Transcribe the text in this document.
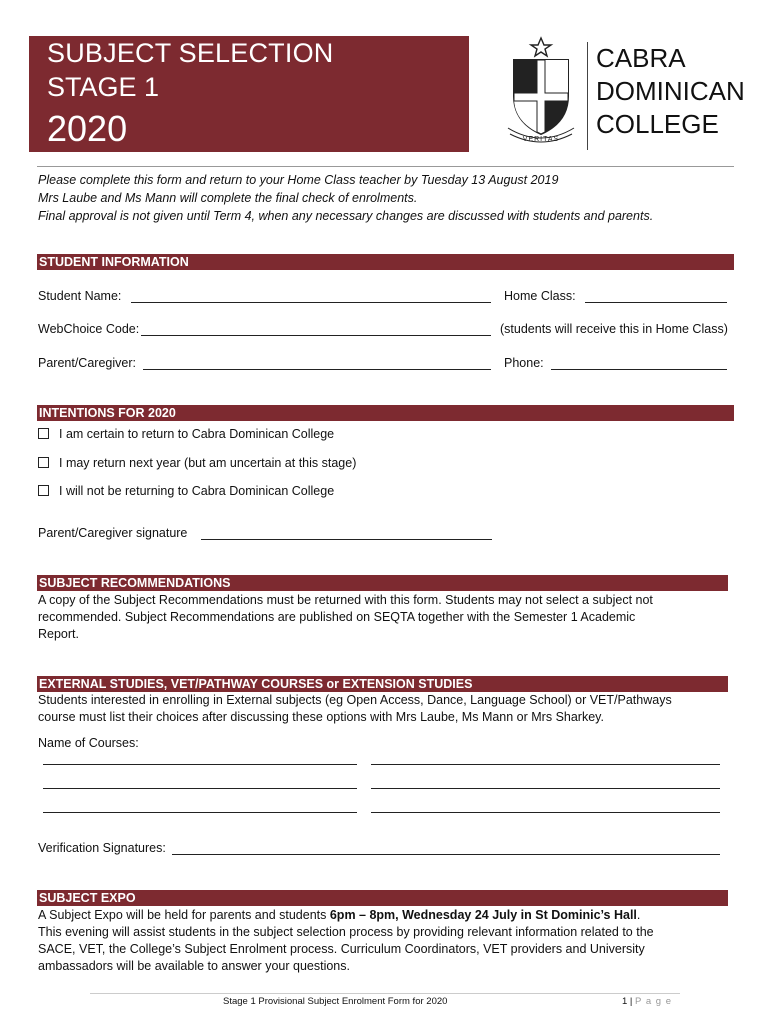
SUBJECT SELECTION
STAGE 1
2020	VERITAS
CABRA
DOMINICAN
COLLEGE
Please complete this form and return to your Home Class teacher by Tuesday 13 August 2019
Mrs Laube and Ms Mann will complete the final check of enrolments.
Final approval is not given until Term 4, when any necessary changes are discussed with students and parents.
STUDENT INFORMATION
Student Name:	Home Class:
WebChoice Code:	(students will receive this in Home Class)
Parent/Caregiver:	Phone:
INTENTIONS FOR 2020
I am certain to return to Cabra Dominican College
I may return next year (but am uncertain at this stage)
I will not be returning to Cabra Dominican College
Parent/Caregiver signature
SUBJECT RECOMMENDATIONS
A copy of the Subject Recommendations must be returned with this form. Students may not select a subject not
recommended. Subject Recommendations are published on SEQTA together with the Semester 1 Academic
Report.
EXTERNAL STUDIES, VET/PATHWAY COURSES or EXTENSION STUDIES
Students interested in enrolling in External subjects (eg Open Access, Dance, Language School) or VET/Pathways
course must list their choices after discussing these options with Mrs Laube, Ms Mann or Mrs Sharkey.
Name of Courses:
Verification Signatures:
SUBJECT EXPO
A Subject Expo will be held for parents and students 6pm – 8pm, Wednesday 24 July in St Dominic’s Hall.
This evening will assist students in the subject selection process by providing relevant information related to the
SACE, VET, the College’s Subject Enrolment process. Curriculum Coordinators, VET providers and University
ambassadors will be available to answer your questions.
Stage 1 Provisional Subject Enrolment Form for 2020	1 | P a g e
